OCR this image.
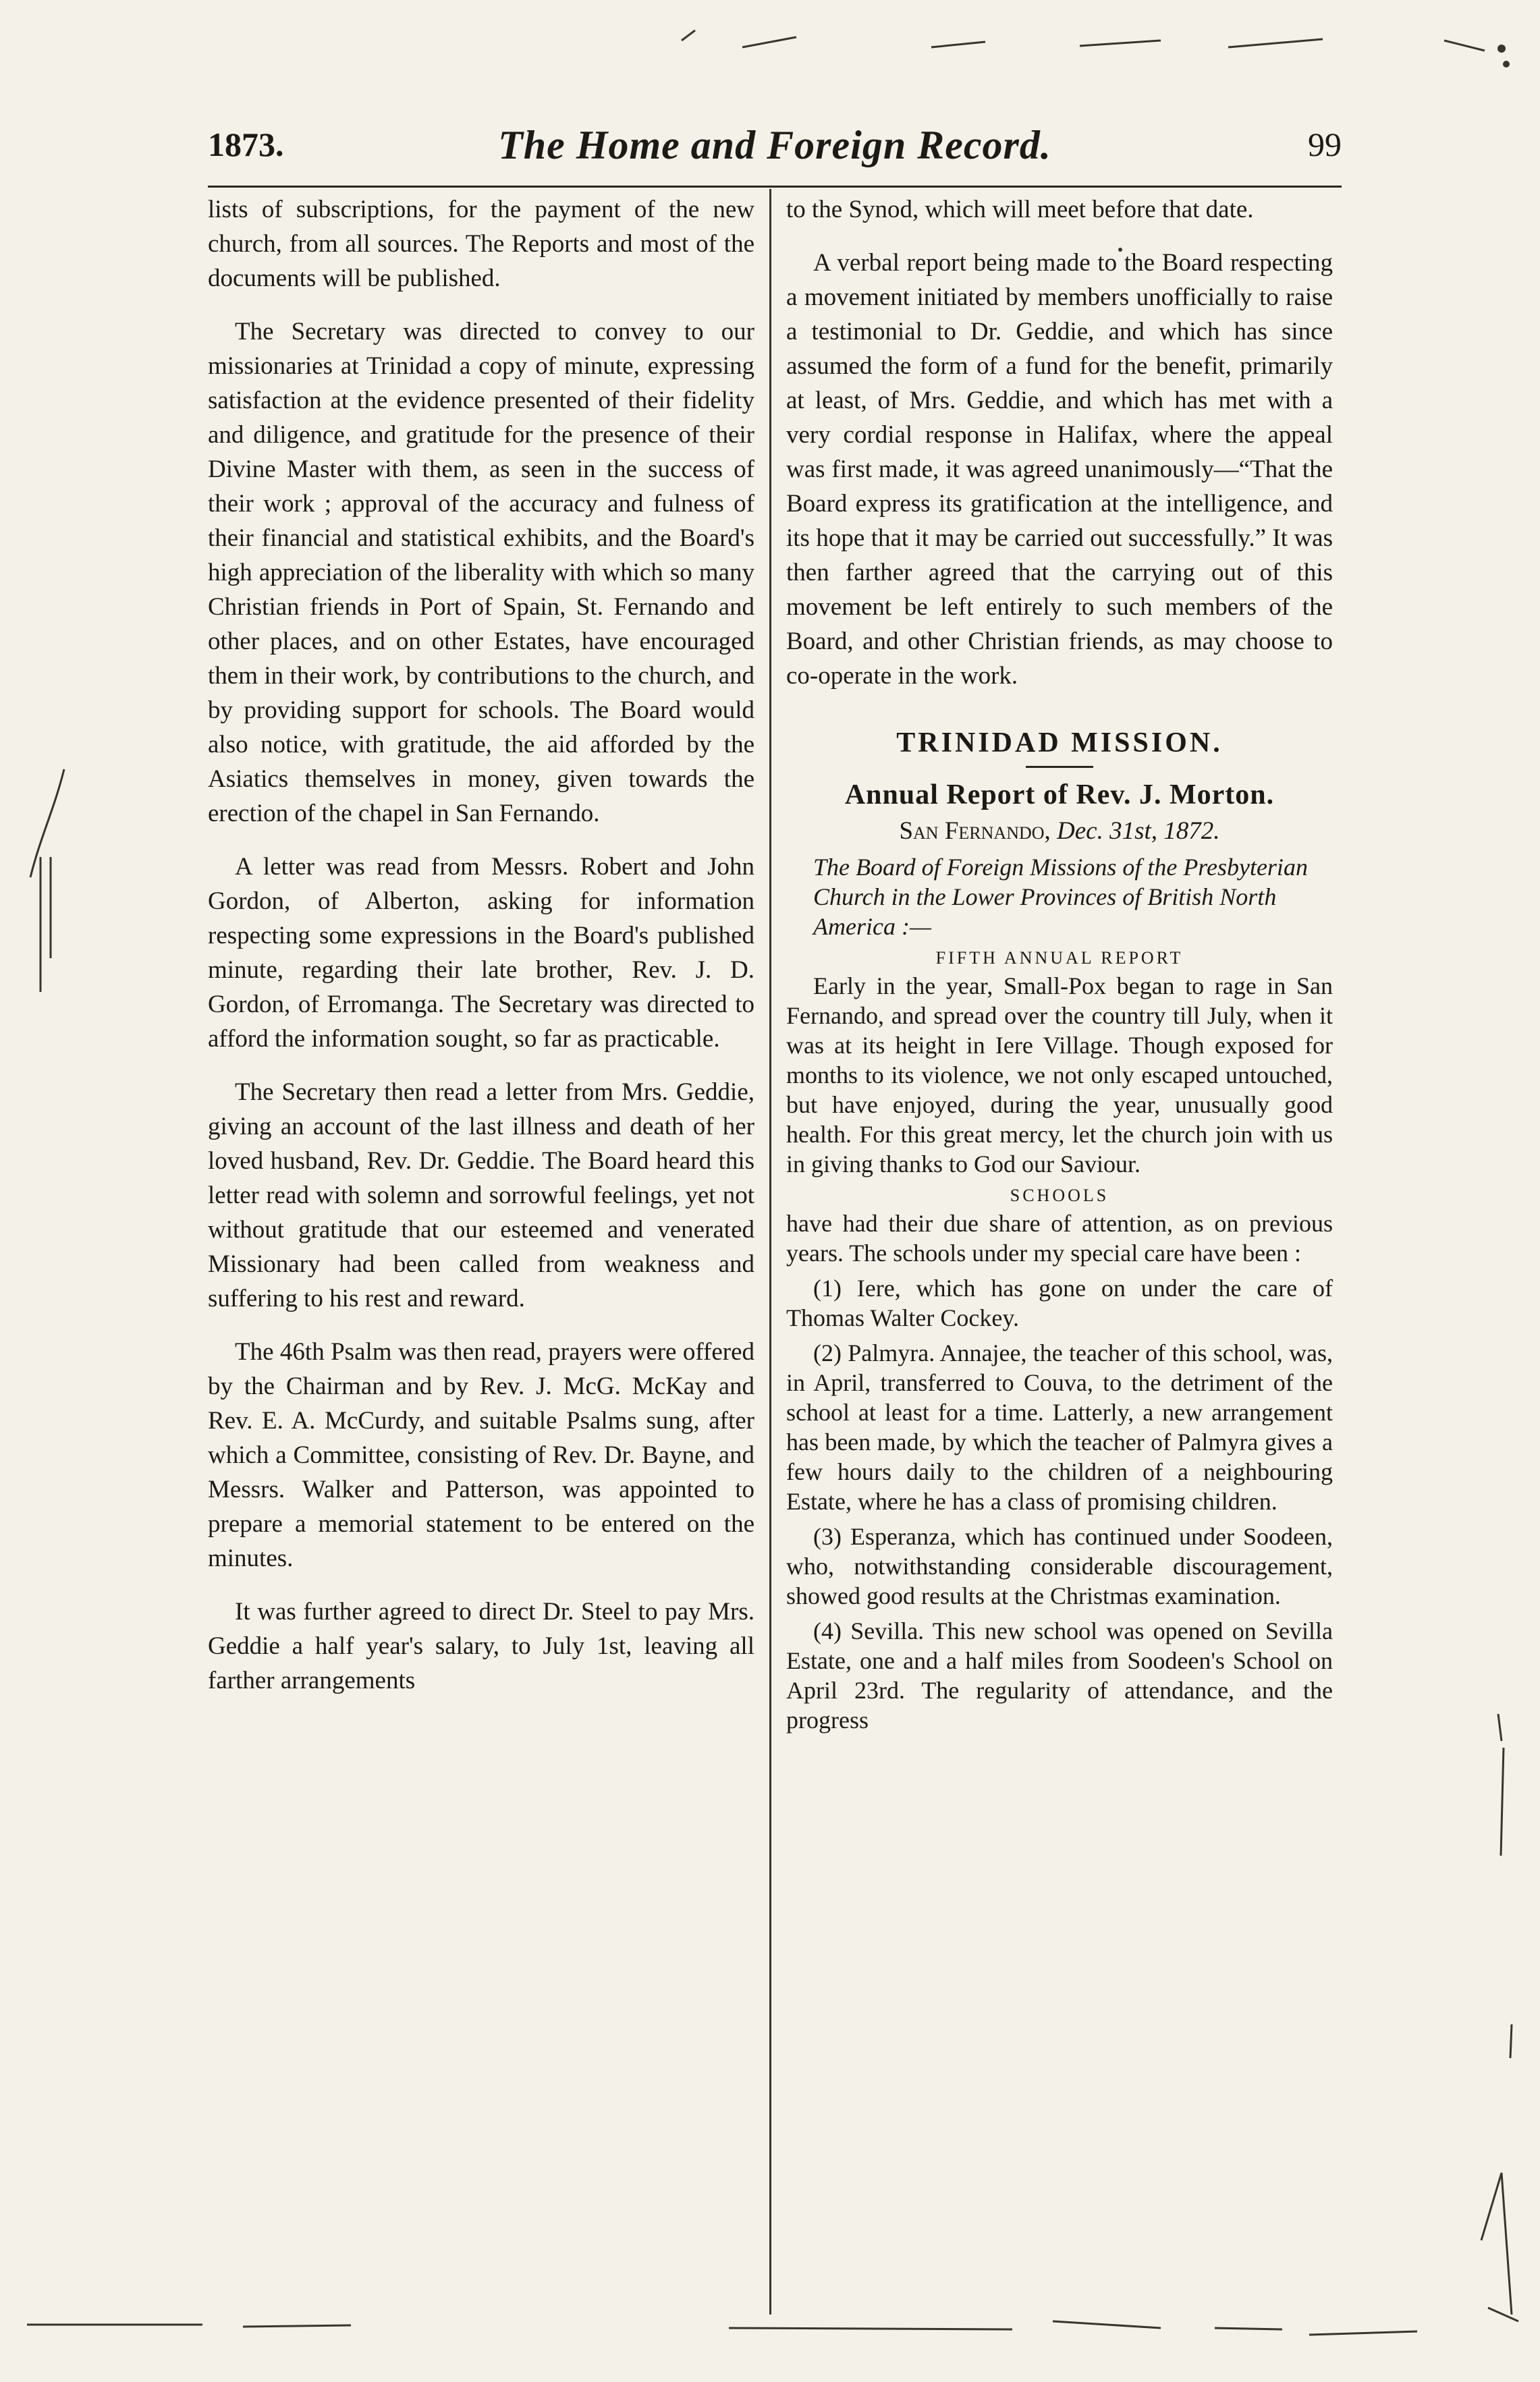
1873.	The Home and Foreign Record.	99

lists of subscriptions, for the payment of the new church, from all sources. The Reports and most of the documents will be published.

The Secretary was directed to convey to our missionaries at Trinidad a copy of minute, expressing satisfaction at the evidence presented of their fidelity and diligence, and gratitude for the presence of their Divine Master with them, as seen in the success of their work ; approval of the accuracy and fulness of their financial and statistical exhibits, and the Board's high appreciation of the liberality with which so many Christian friends in Port of Spain, St. Fernando and other places, and on other Estates, have encouraged them in their work, by contributions to the church, and by providing support for schools. The Board would also notice, with gratitude, the aid afforded by the Asiatics themselves in money, given towards the erection of the chapel in San Fernando.

A letter was read from Messrs. Robert and John Gordon, of Alberton, asking for information respecting some expressions in the Board's published minute, regarding their late brother, Rev. J. D. Gordon, of Erromanga. The Secretary was directed to afford the information sought, so far as practicable.

The Secretary then read a letter from Mrs. Geddie, giving an account of the last illness and death of her loved husband, Rev. Dr. Geddie. The Board heard this letter read with solemn and sorrowful feelings, yet not without gratitude that our esteemed and venerated Missionary had been called from weakness and suffering to his rest and reward.

The 46th Psalm was then read, prayers were offered by the Chairman and by Rev. J. McG. McKay and Rev. E. A. McCurdy, and suitable Psalms sung, after which a Committee, consisting of Rev. Dr. Bayne, and Messrs. Walker and Patterson, was appointed to prepare a memorial statement to be entered on the minutes.

It was further agreed to direct Dr. Steel to pay Mrs. Geddie a half year's salary, to July 1st, leaving all farther arrangements

to the Synod, which will meet before that date.

A verbal report being made to the Board respecting a movement initiated by members unofficially to raise a testimonial to Dr. Geddie, and which has since assumed the form of a fund for the benefit, primarily at least, of Mrs. Geddie, and which has met with a very cordial response in Halifax, where the appeal was first made, it was agreed unanimously—“That the Board express its gratification at the intelligence, and its hope that it may be carried out successfully.” It was then farther agreed that the carrying out of this movement be left entirely to such members of the Board, and other Christian friends, as may choose to co-operate in the work.

TRINIDAD MISSION.
Annual Report of Rev. J. Morton.
San Fernando, Dec. 31st, 1872.

The Board of Foreign Missions of the Presbyterian Church in the Lower Provinces of British North America :—

FIFTH ANNUAL REPORT

Early in the year, Small-Pox began to rage in San Fernando, and spread over the country till July, when it was at its height in Iere Village. Though exposed for months to its violence, we not only escaped untouched, but have enjoyed, during the year, unusually good health. For this great mercy, let the church join with us in giving thanks to God our Saviour.

SCHOOLS

have had their due share of attention, as on previous years. The schools under my special care have been :

(1) Iere, which has gone on under the care of Thomas Walter Cockey.

(2) Palmyra. Annajee, the teacher of this school, was, in April, transferred to Couva, to the detriment of the school at least for a time. Latterly, a new arrangement has been made, by which the teacher of Palmyra gives a few hours daily to the children of a neighbouring Estate, where he has a class of promising children.

(3) Esperanza, which has continued under Soodeen, who, notwithstanding considerable discouragement, showed good results at the Christmas examination.

(4) Sevilla. This new school was opened on Sevilla Estate, one and a half miles from Soodeen's School on April 23rd. The regularity of attendance, and the progress
